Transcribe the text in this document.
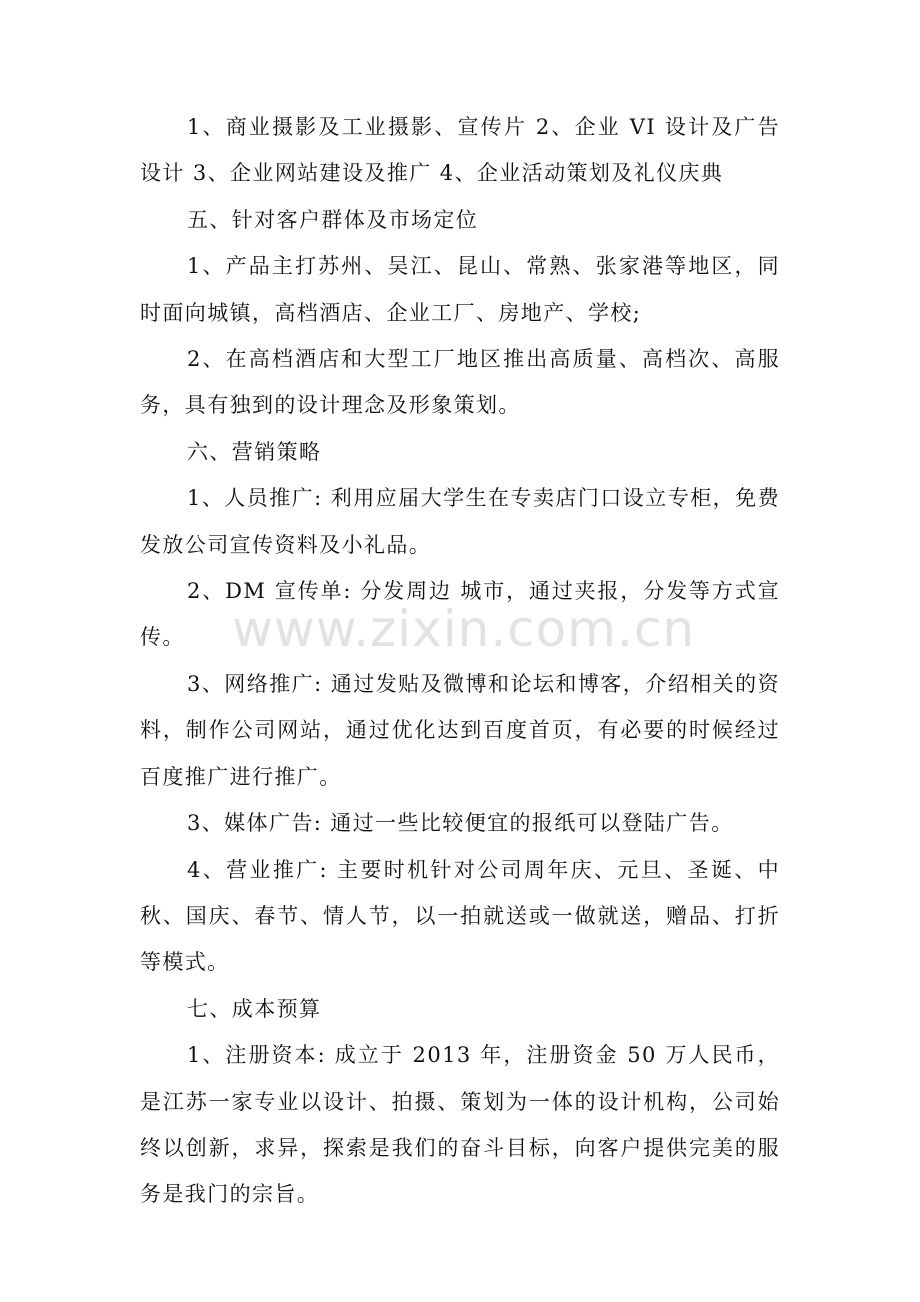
1、商业摄影及工业摄影、宣传片 2、企业 VI 设计及广告设计 3、企业网站建设及推广 4、企业活动策划及礼仪庆典

五、针对客户群体及市场定位

1、产品主打苏州、吴江、昆山、常熟、张家港等地区，同时面向城镇，高档酒店、企业工厂、房地产、学校;

2、在高档酒店和大型工厂地区推出高质量、高档次、高服务，具有独到的设计理念及形象策划。

六、营销策略

1、人员推广: 利用应届大学生在专卖店门口设立专柜，免费发放公司宣传资料及小礼品。

2、DM 宣传单: 分发周边 城市，通过夹报，分发等方式宣传。

3、网络推广: 通过发贴及微博和论坛和博客，介绍相关的资料，制作公司网站，通过优化达到百度首页，有必要的时候经过百度推广进行推广。

3、媒体广告: 通过一些比较便宜的报纸可以登陆广告。

4、营业推广: 主要时机针对公司周年庆、元旦、圣诞、中秋、国庆、春节、情人节，以一拍就送或一做就送，赠品、打折等模式。

七、成本预算

1、注册资本: 成立于 2013 年，注册资金 50 万人民币，是江苏一家专业以设计、拍摄、策划为一体的设计机构，公司始终以创新，求异，探索是我们的奋斗目标，向客户提供完美的服务是我门的宗旨。

www.zixin.com.cn
